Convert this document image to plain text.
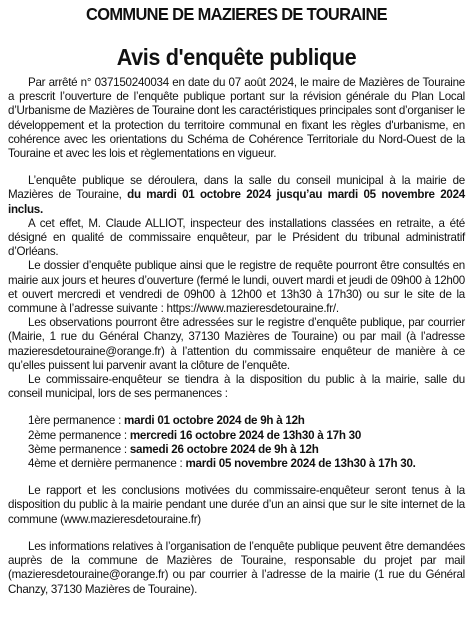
COMMUNE DE MAZIERES DE TOURAINE
Avis d'enquête publique

Par arrêté n° 037150240034 en date du 07 août 2024, le maire de Mazières de Touraine a prescrit l’ouverture de l’enquête publique portant sur la révision générale du Plan Local d’Urbanisme de Mazières de Touraine dont les caractéristiques principales sont d’organiser le développement et la protection du territoire communal en fixant les règles d'urbanisme, en cohérence avec les orientations du Schéma de Cohérence Territoriale du Nord-Ouest de la Touraine et avec les lois et règlementations en vigueur.

L’enquête publique se déroulera, dans la salle du conseil municipal à la mairie de Mazières de Touraine, du mardi 01 octobre 2024 jusqu’au mardi 05 novembre 2024 inclus.

A cet effet, M. Claude ALLIOT, inspecteur des installations classées en retraite, a été désigné en qualité de commissaire enquêteur, par le Président du tribunal administratif d’Orléans.

Le dossier d’enquête publique ainsi que le registre de requête pourront être consultés en mairie aux jours et heures d’ouverture (fermé le lundi, ouvert mardi et jeudi de 09h00 à 12h00 et ouvert mercredi et vendredi de 09h00 à 12h00 et 13h30 à 17h30) ou sur le site de la commune à l’adresse suivante : https://www.mazieresdetouraine.fr/.

Les observations pourront être adressées sur le registre d’enquête publique, par courrier (Mairie, 1 rue du Général Chanzy, 37130 Mazières de Touraine) ou par mail (à l’adresse mazieresdetouraine@orange.fr) à l’attention du commissaire enquêteur de manière à ce qu’elles puissent lui parvenir avant la clôture de l’enquête.

Le commissaire-enquêteur se tiendra à la disposition du public à la mairie, salle du conseil municipal, lors de ses permanences :

1ère permanence : mardi 01 octobre 2024 de 9h à 12h
2ème permanence : mercredi 16 octobre 2024 de 13h30 à 17h 30
3ème permanence : samedi 26 octobre 2024 de 9h à 12h
4ème et dernière permanence : mardi 05 novembre 2024 de 13h30 à 17h 30.

Le rapport et les conclusions motivées du commissaire-enquêteur seront tenus à la disposition du public à la mairie pendant une durée d’un an ainsi que sur le site internet de la commune (www.mazieresdetouraine.fr)

Les informations relatives à l’organisation de l’enquête publique peuvent être demandées auprès de la commune de Mazières de Touraine, responsable du projet par mail (mazieresdetouraine@orange.fr) ou par courrier à l’adresse de la mairie (1 rue du Général Chanzy, 37130 Mazières de Touraine).
